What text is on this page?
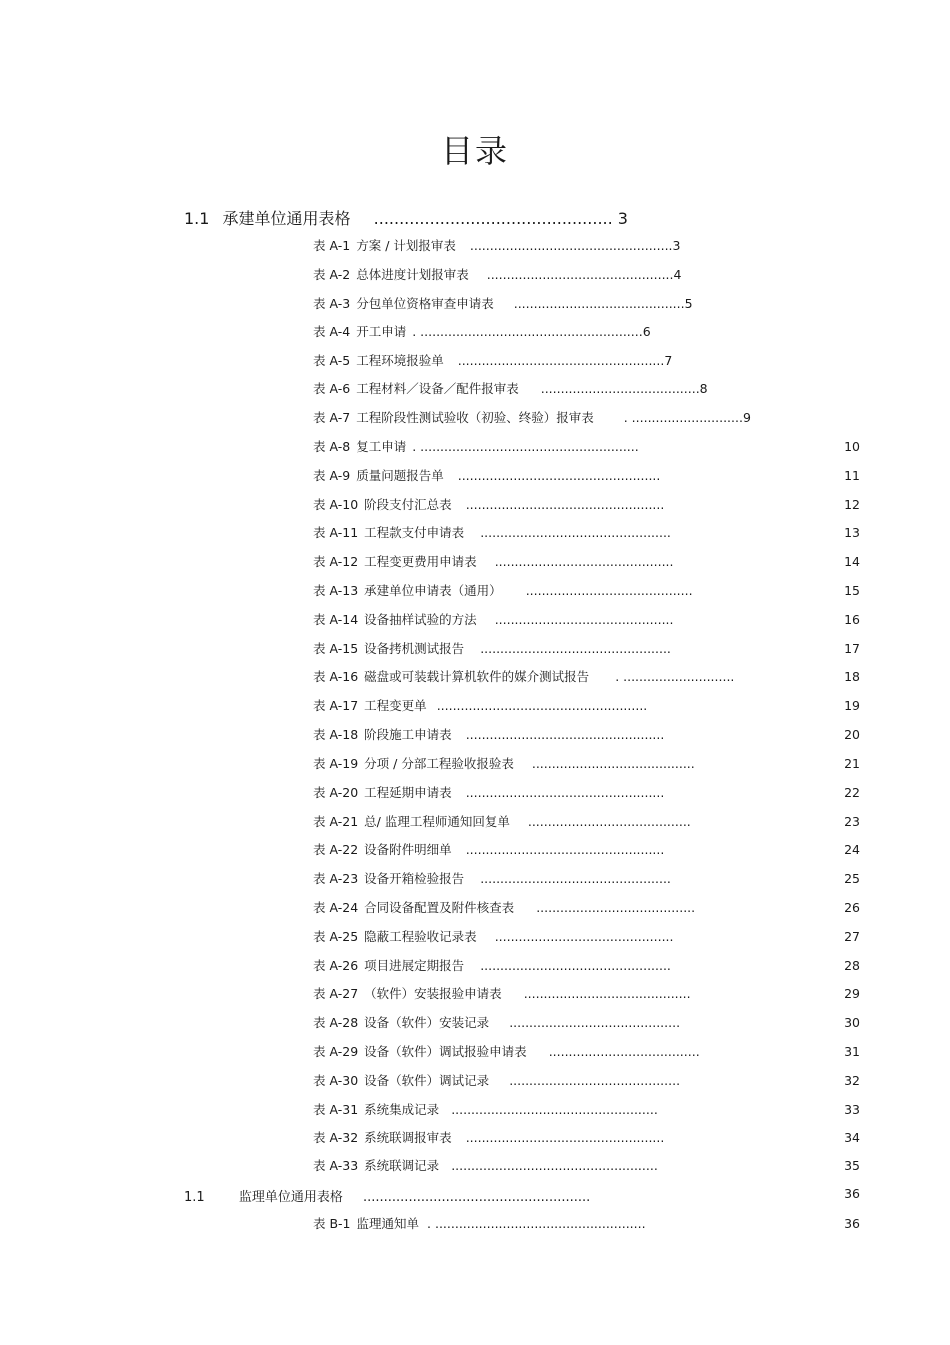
目录
1.1 承建单位通用表格 ............................................... 3
表 A-1 方案 / 计划报审表 ...................................................3
表 A-2 总体进度计划报审表 ...............................................4
表 A-3 分包单位资格审查申请表 ...........................................5
表 A-4 开工申请 . ........................................................6
表 A-5 工程环境报验单 ....................................................7
表 A-6 工程材料／设备／配件报审表 ........................................8
表 A-7 工程阶段性测试验收（初验、终验）报审表 . ............................9
表 A-8 复工申请 . .......................................................	10
表 A-9 质量问题报告单 ...................................................	11
表 A-10 阶段支付汇总表 ..................................................	12
表 A-11 工程款支付申请表 ................................................	13
表 A-12 工程变更费用申请表 .............................................	14
表 A-13 承建单位申请表（通用） ..........................................	15
表 A-14 设备抽样试验的方法 .............................................	16
表 A-15 设备拷机测试报告 ................................................	17
表 A-16 磁盘或可装载计算机软件的媒介测试报告 . ............................	18
表 A-17 工程变更单 .....................................................	19
表 A-18 阶段施工申请表 ..................................................	20
表 A-19 分项 / 分部工程验收报验表 .........................................	21
表 A-20 工程延期申请表 ..................................................	22
表 A-21 总/ 监理工程师通知回复单 .........................................	23
表 A-22 设备附件明细单 ..................................................	24
表 A-23 设备开箱检验报告 ................................................	25
表 A-24 合同设备配置及附件核查表 ........................................	26
表 A-25 隐蔽工程验收记录表 .............................................	27
表 A-26 项目进展定期报告 ................................................	28
表 A-27 （软件）安装报验申请表 ..........................................	29
表 A-28 设备（软件）安装记录 ...........................................	30
表 A-29 设备（软件）调试报验申请表 ......................................	31
表 A-30 设备（软件）调试记录 ...........................................	32
表 A-31 系统集成记录 ....................................................	33
表 A-32 系统联调报审表 ..................................................	34
表 A-33 系统联调记录 ....................................................	35
1.1	监理单位通用表格 .......................................................	36
表 B-1 监理通知单 . .....................................................	36
